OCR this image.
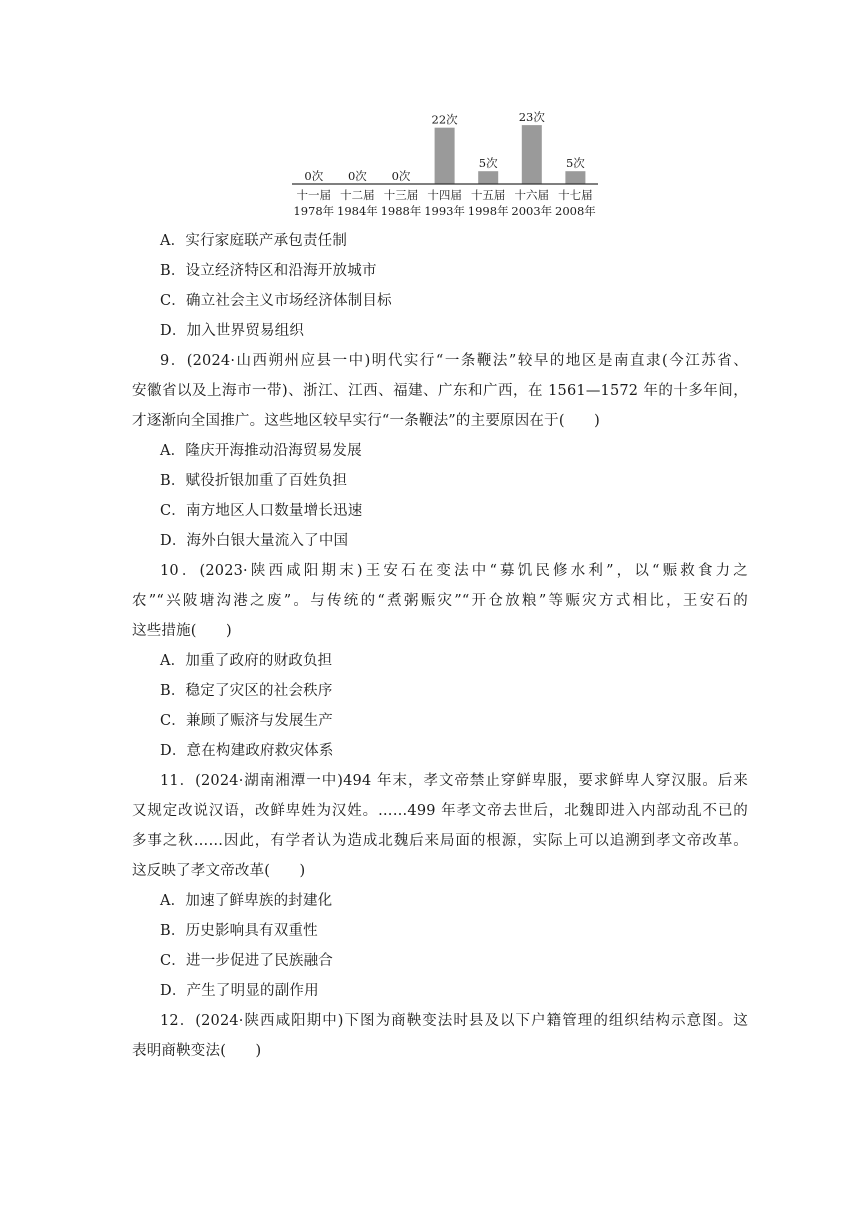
0次 0次 0次
22次
5次
23次
5次
十一届
1978年
十二届
1984年
十三届
1988年
十四届
1993年
十五届
1998年
十六届
2003年
十七届
2008年
A．实行家庭联产承包责任制
B．设立经济特区和沿海开放城市
C．确立社会主义市场经济体制目标
D．加入世界贸易组织
9．(2024·山西朔州应县一中)明代实行“一条鞭法”较早的地区是南直隶(今江苏省、
安徽省以及上海市一带)、浙江、江西、福建、广东和广西，在 1561—1572 年的十多年间，
才逐渐向全国推广。这些地区较早实行“一条鞭法”的主要原因在于(　　)
A．隆庆开海推动沿海贸易发展
B．赋役折银加重了百姓负担
C．南方地区人口数量增长迅速
D．海外白银大量流入了中国
10．(2023·陕西咸阳期末)王安石在变法中“募饥民修水利”，以“赈救食力之
农”“兴陂塘沟港之废”。与传统的“煮粥赈灾”“开仓放粮”等赈灾方式相比，王安石的
这些措施(　　)
A．加重了政府的财政负担
B．稳定了灾区的社会秩序
C．兼顾了赈济与发展生产
D．意在构建政府救灾体系
11．(2024·湖南湘潭一中)494 年末，孝文帝禁止穿鲜卑服，要求鲜卑人穿汉服。后来
又规定改说汉语，改鲜卑姓为汉姓。……499 年孝文帝去世后，北魏即进入内部动乱不已的
多事之秋……因此，有学者认为造成北魏后来局面的根源，实际上可以追溯到孝文帝改革。
这反映了孝文帝改革(　　)
A．加速了鲜卑族的封建化
B．历史影响具有双重性
C．进一步促进了民族融合
D．产生了明显的副作用
12．(2024·陕西咸阳期中)下图为商鞅变法时县及以下户籍管理的组织结构示意图。这
表明商鞅变法(　　)
